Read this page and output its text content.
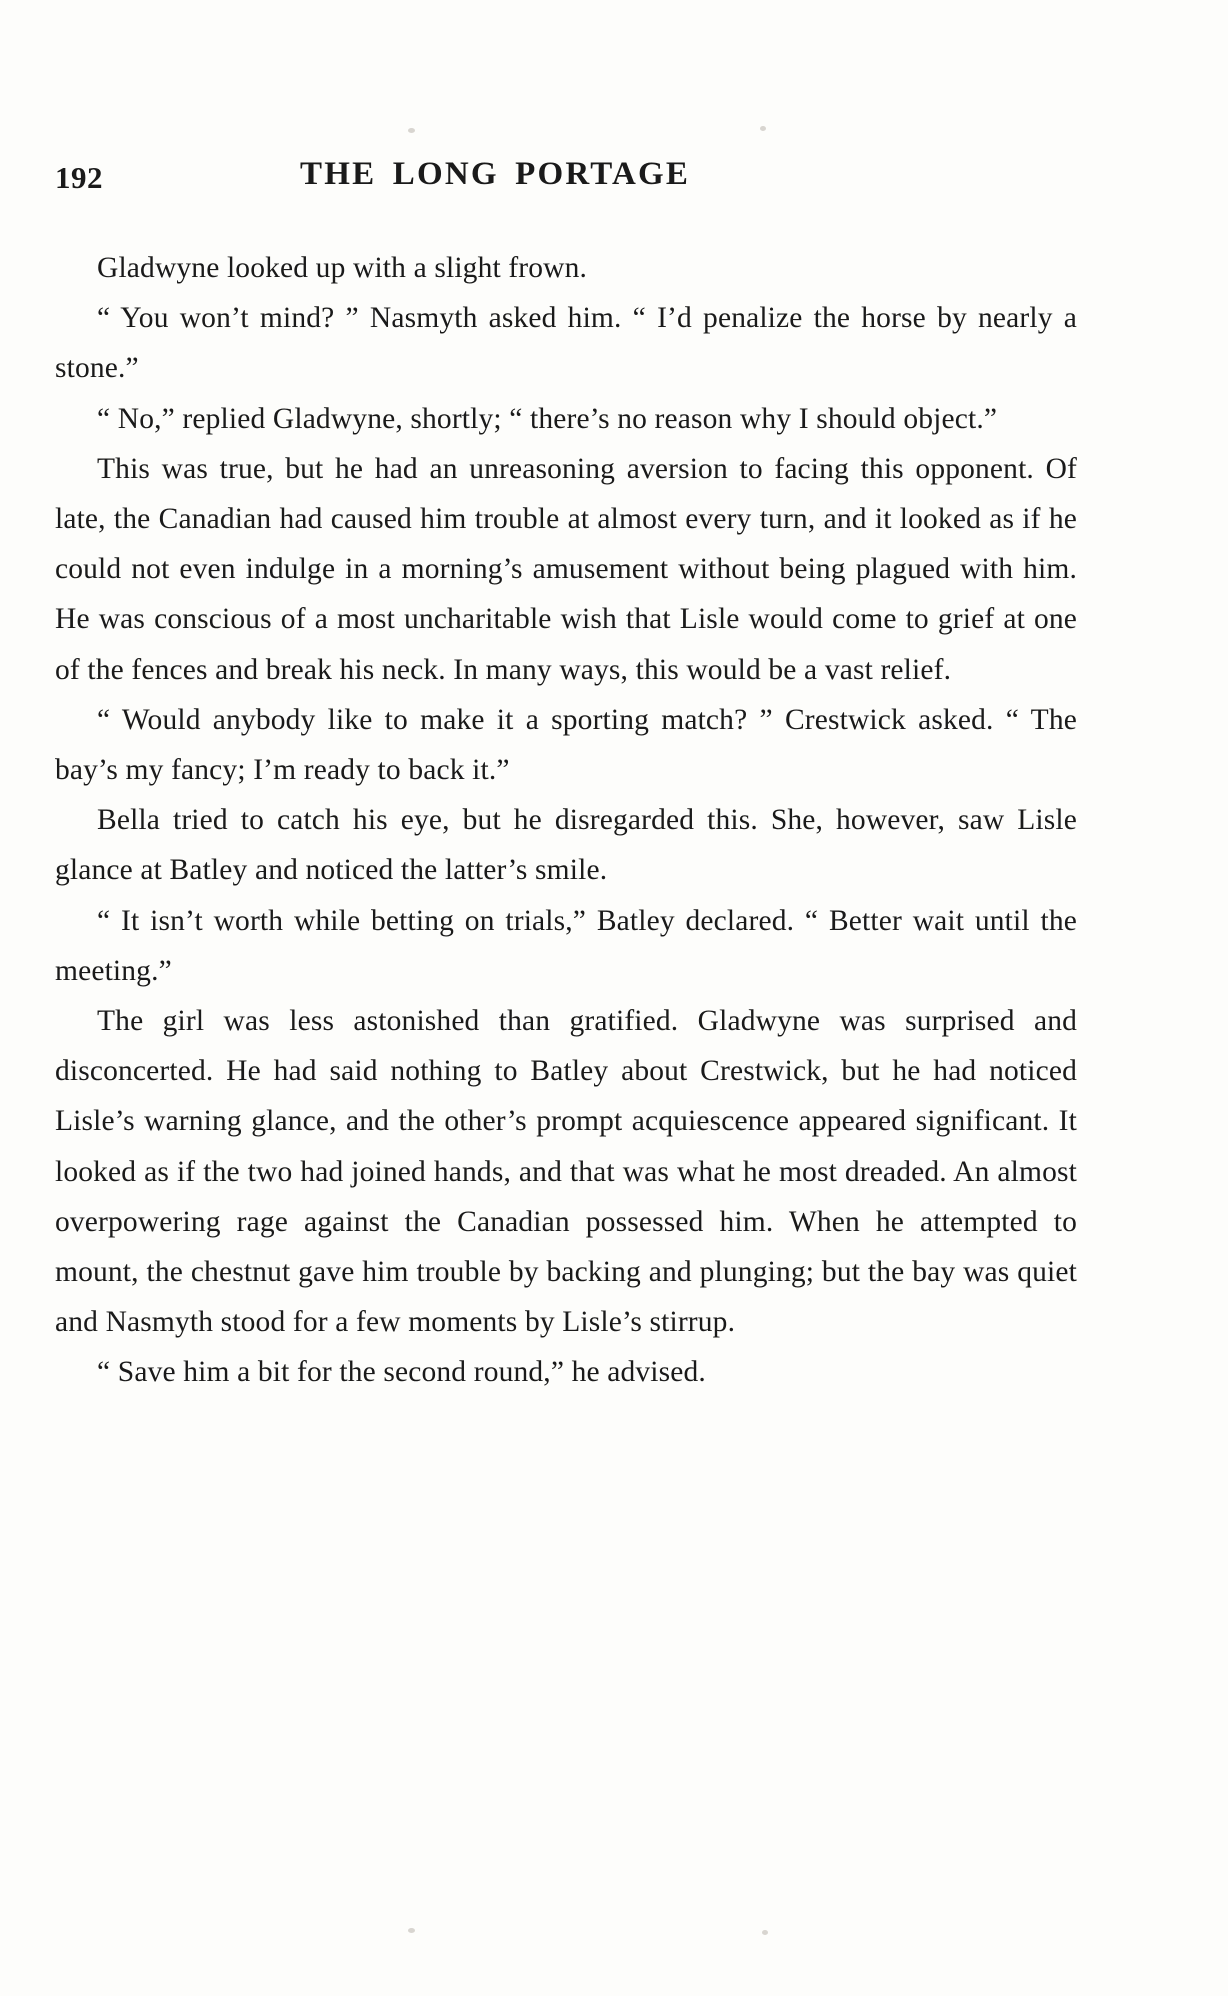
192	THE LONG PORTAGE

Gladwyne looked up with a slight frown.

“ You won’t mind? ” Nasmyth asked him. “ I’d penalize the horse by nearly a stone.”

“ No,” replied Gladwyne, shortly; “ there’s no reason why I should object.”

This was true, but he had an unreasoning aversion to facing this opponent. Of late, the Canadian had caused him trouble at almost every turn, and it looked as if he could not even indulge in a morning’s amusement without being plagued with him. He was conscious of a most uncharitable wish that Lisle would come to grief at one of the fences and break his neck. In many ways, this would be a vast relief.

“ Would anybody like to make it a sporting match? ” Crestwick asked. “ The bay’s my fancy; I’m ready to back it.”

Bella tried to catch his eye, but he disregarded this. She, however, saw Lisle glance at Batley and noticed the latter’s smile.

“ It isn’t worth while betting on trials,” Batley declared. “ Better wait until the meeting.”

The girl was less astonished than gratified. Gladwyne was surprised and disconcerted. He had said nothing to Batley about Crestwick, but he had noticed Lisle’s warning glance, and the other’s prompt acquiescence appeared significant. It looked as if the two had joined hands, and that was what he most dreaded. An almost overpowering rage against the Canadian possessed him. When he attempted to mount, the chestnut gave him trouble by backing and plunging; but the bay was quiet and Nasmyth stood for a few moments by Lisle’s stirrup.

“ Save him a bit for the second round,” he advised.
